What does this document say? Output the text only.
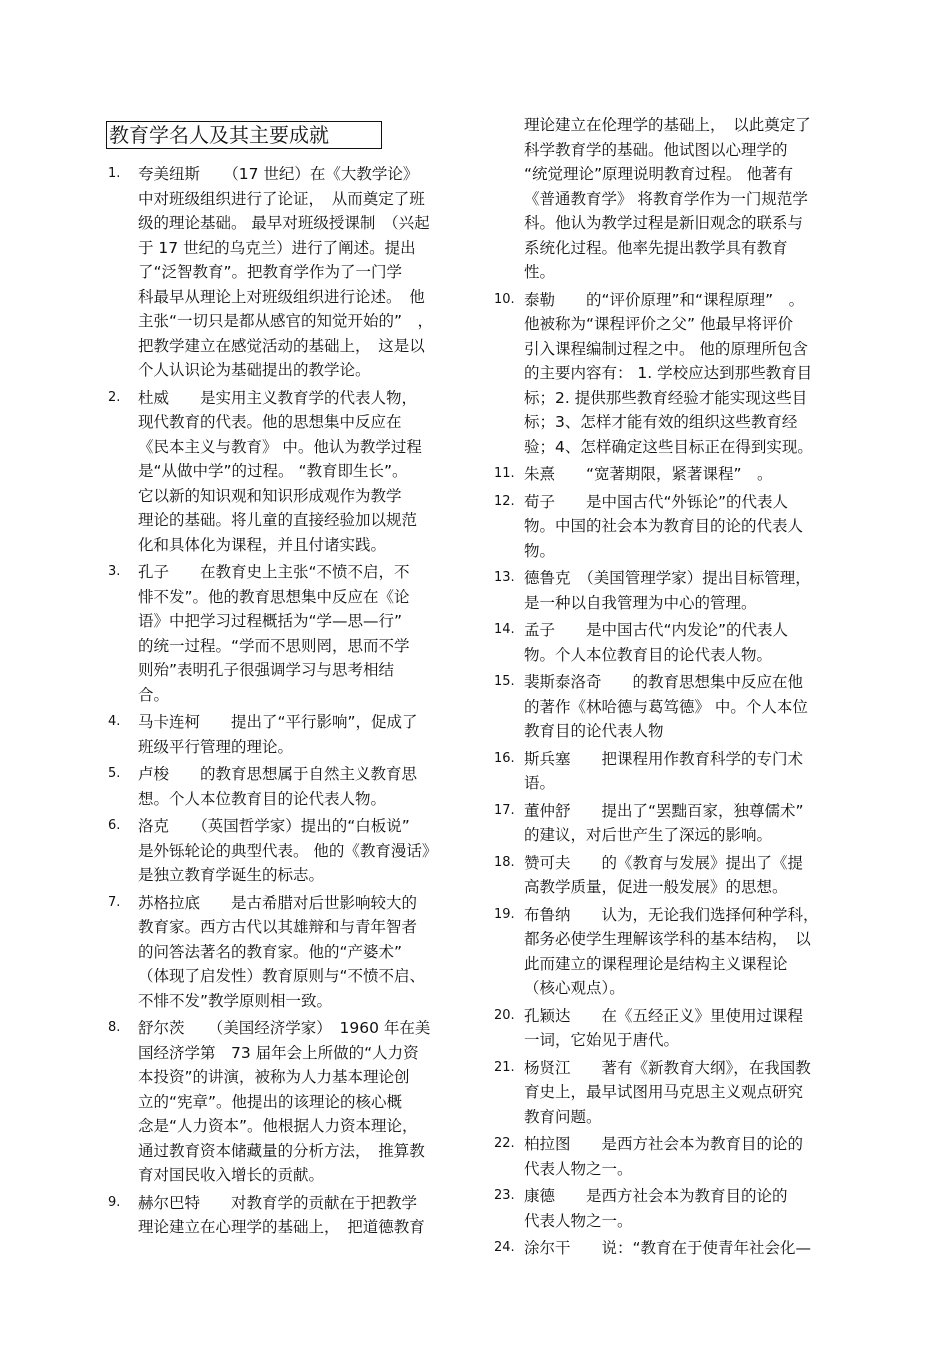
教育学名人及其主要成就
1. 夸美纽斯　　（17 世纪）在《大教学论》
中对班级组织进行了论证，　从而奠定了班
级的理论基础。 最早对班级授课制　（兴起
于 17 世纪的乌克兰）进行了阐述。提出
了“泛智教育”。把教育学作为了一门学
科最早从理论上对班级组织进行论述。　他
主张“一切只是都从感官的知觉开始的”　，
把教学建立在感觉活动的基础上，　这是以
个人认识论为基础提出的教学论。
2. 杜威　　是实用主义教育学的代表人物，
现代教育的代表。他的思想集中反应在
《民本主义与教育》 中。他认为教学过程
是“从做中学”的过程。 “教育即生长”。
它以新的知识观和知识形成观作为教学
理论的基础。将儿童的直接经验加以规范
化和具体化为课程，并且付诸实践。
3. 孔子　　在教育史上主张“不愤不启，不
悱不发”。他的教育思想集中反应在《论
语》中把学习过程概括为“学—思—行”
的统一过程。“学而不思则罔，思而不学
则殆”表明孔子很强调学习与思考相结
合。
4. 马卡连柯　　提出了“平行影响”，促成了
班级平行管理的理论。
5. 卢梭　　的教育思想属于自然主义教育思
想。个人本位教育目的论代表人物。
6. 洛克　　（英国哲学家）提出的“白板说”
是外铄轮论的典型代表。 他的《教育漫话》
是独立教育学诞生的标志。
7. 苏格拉底　　是古希腊对后世影响较大的
教育家。西方古代以其雄辩和与青年智者
的问答法著名的教育家。他的“产婆术”
（体现了启发性）教育原则与“不愤不启、
不悱不发”教学原则相一致。
8. 舒尔茨　　（美国经济学家）　1960 年在美
国经济学第　73 届年会上所做的“人力资
本投资”的讲演，被称为人力基本理论创
立的“宪章”。他提出的该理论的核心概
念是“人力资本”。他根据人力资本理论，
通过教育资本储藏量的分析方法，　推算教
育对国民收入增长的贡献。
9. 赫尔巴特　　对教育学的贡献在于把教学
理论建立在心理学的基础上，　把道德教育
理论建立在伦理学的基础上，　以此奠定了
科学教育学的基础。他试图以心理学的
“统觉理论”原理说明教育过程。 他著有
《普通教育学》 将教育学作为一门规范学
科。他认为教学过程是新旧观念的联系与
系统化过程。他率先提出教学具有教育
性。
10. 泰勒　　的“评价原理”和“课程原理”　。
他被称为“课程评价之父” 他最早将评价
引入课程编制过程之中。 他的原理所包含
的主要内容有： 1. 学校应达到那些教育目
标；2. 提供那些教育经验才能实现这些目
标；3、怎样才能有效的组织这些教育经
验；4、怎样确定这些目标正在得到实现。
11. 朱熹　　“宽著期限，紧著课程”　。
12. 荀子　　是中国古代“外铄论”的代表人
物。中国的社会本为教育目的论的代表人
物。
13. 德鲁克　（美国管理学家）提出目标管理，
是一种以自我管理为中心的管理。
14. 孟子　　是中国古代“内发论”的代表人
物。个人本位教育目的论代表人物。
15. 裴斯泰洛奇　　的教育思想集中反应在他
的著作《林哈德与葛笃德》 中。个人本位
教育目的论代表人物
16. 斯兵塞　　把课程用作教育科学的专门术
语。
17. 董仲舒　　提出了“罢黜百家，独尊儒术”
的建议，对后世产生了深远的影响。
18. 赞可夫　　的《教育与发展》提出了《提
高教学质量，促进一般发展》的思想。
19. 布鲁纳　　认为，无论我们选择何种学科，
都务必使学生理解该学科的基本结构，　以
此而建立的课程理论是结构主义课程论
（核心观点）。
20. 孔颖达　　在《五经正义》里使用过课程
一词，它始见于唐代。
21. 杨贤江　　著有《新教育大纲》，在我国教
育史上，最早试图用马克思主义观点研究
教育问题。
22. 柏拉图　　是西方社会本为教育目的论的
代表人物之一。
23. 康德　　是西方社会本为教育目的论的
代表人物之一。
24. 涂尔干　　说：“教育在于使青年社会化—
